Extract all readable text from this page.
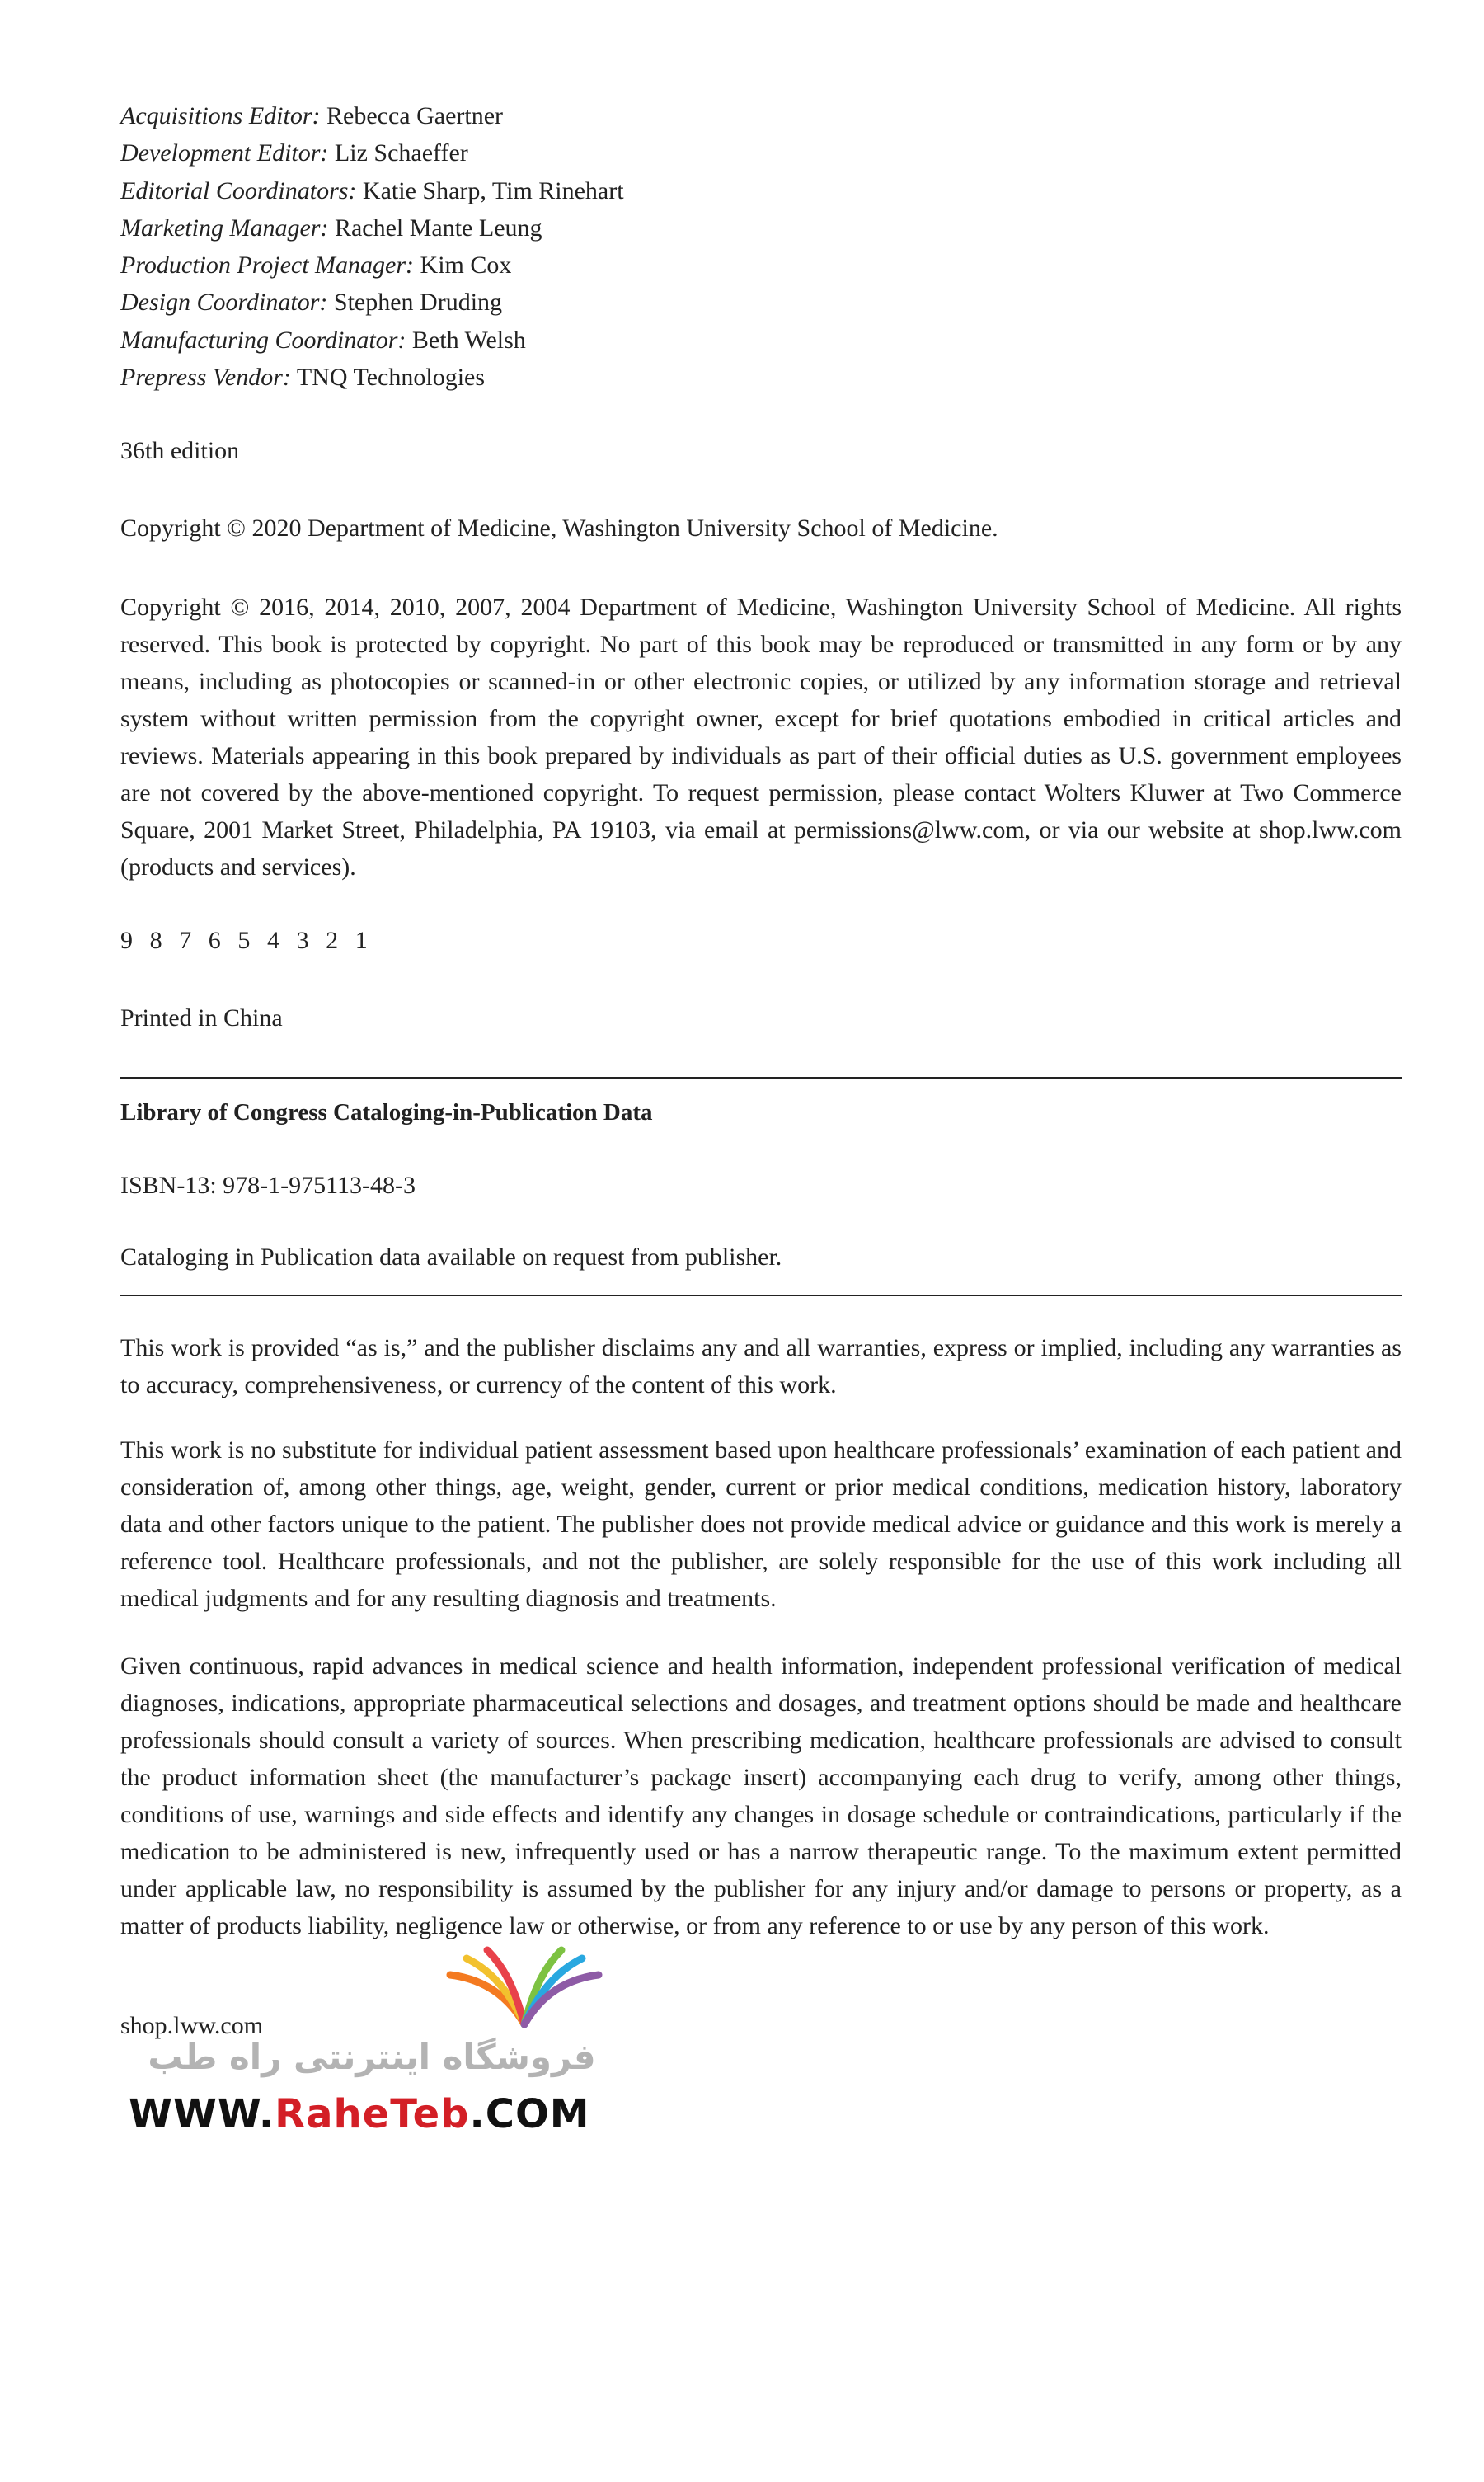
Acquisitions Editor: Rebecca Gaertner
Development Editor: Liz Schaeffer
Editorial Coordinators: Katie Sharp, Tim Rinehart
Marketing Manager: Rachel Mante Leung
Production Project Manager: Kim Cox
Design Coordinator: Stephen Druding
Manufacturing Coordinator: Beth Welsh
Prepress Vendor: TNQ Technologies
36th edition
Copyright © 2020 Department of Medicine, Washington University School of Medicine.

Copyright © 2016, 2014, 2010, 2007, 2004 Department of Medicine, Washington University School of Medicine. All rights reserved. This book is protected by copyright. No part of this book may be reproduced or transmitted in any form or by any means, including as photocopies or scanned-in or other electronic copies, or utilized by any information storage and retrieval system without written permission from the copyright owner, except for brief quotations embodied in critical articles and reviews. Materials appearing in this book prepared by individuals as part of their official duties as U.S. government employees are not covered by the above-mentioned copyright. To request permission, please contact Wolters Kluwer at Two Commerce Square, 2001 Market Street, Philadelphia, PA 19103, via email at permissions@lww.com, or via our website at shop.lww.com (products and services).

9 8 7 6 5 4 3 2 1
Printed in China
Library of Congress Cataloging-in-Publication Data
ISBN-13: 978-1-975113-48-3
Cataloging in Publication data available on request from publisher.

This work is provided “as is,” and the publisher disclaims any and all warranties, express or implied, including any warranties as to accuracy, comprehensiveness, or currency of the content of this work.

This work is no substitute for individual patient assessment based upon healthcare professionals’ examination of each patient and consideration of, among other things, age, weight, gender, current or prior medical conditions, medication history, laboratory data and other factors unique to the patient. The publisher does not provide medical advice or guidance and this work is merely a reference tool. Healthcare professionals, and not the publisher, are solely responsible for the use of this work including all medical judgments and for any resulting diagnosis and treatments.

Given continuous, rapid advances in medical science and health information, independent professional verification of medical diagnoses, indications, appropriate pharmaceutical selections and dosages, and treatment options should be made and healthcare professionals should consult a variety of sources. When prescribing medication, healthcare professionals are advised to consult the product information sheet (the manufacturer’s package insert) accompanying each drug to verify, among other things, conditions of use, warnings and side effects and identify any changes in dosage schedule or contraindications, particularly if the medication to be administered is new, infrequently used or has a narrow therapeutic range. To the maximum extent permitted under applicable law, no responsibility is assumed by the publisher for any injury and/or damage to persons or property, as a matter of products liability, negligence law or otherwise, or from any reference to or use by any person of this work.

shop.lww.com
فروشگاه اینترنتی راه طب
WWW.RaheTeb.COM
